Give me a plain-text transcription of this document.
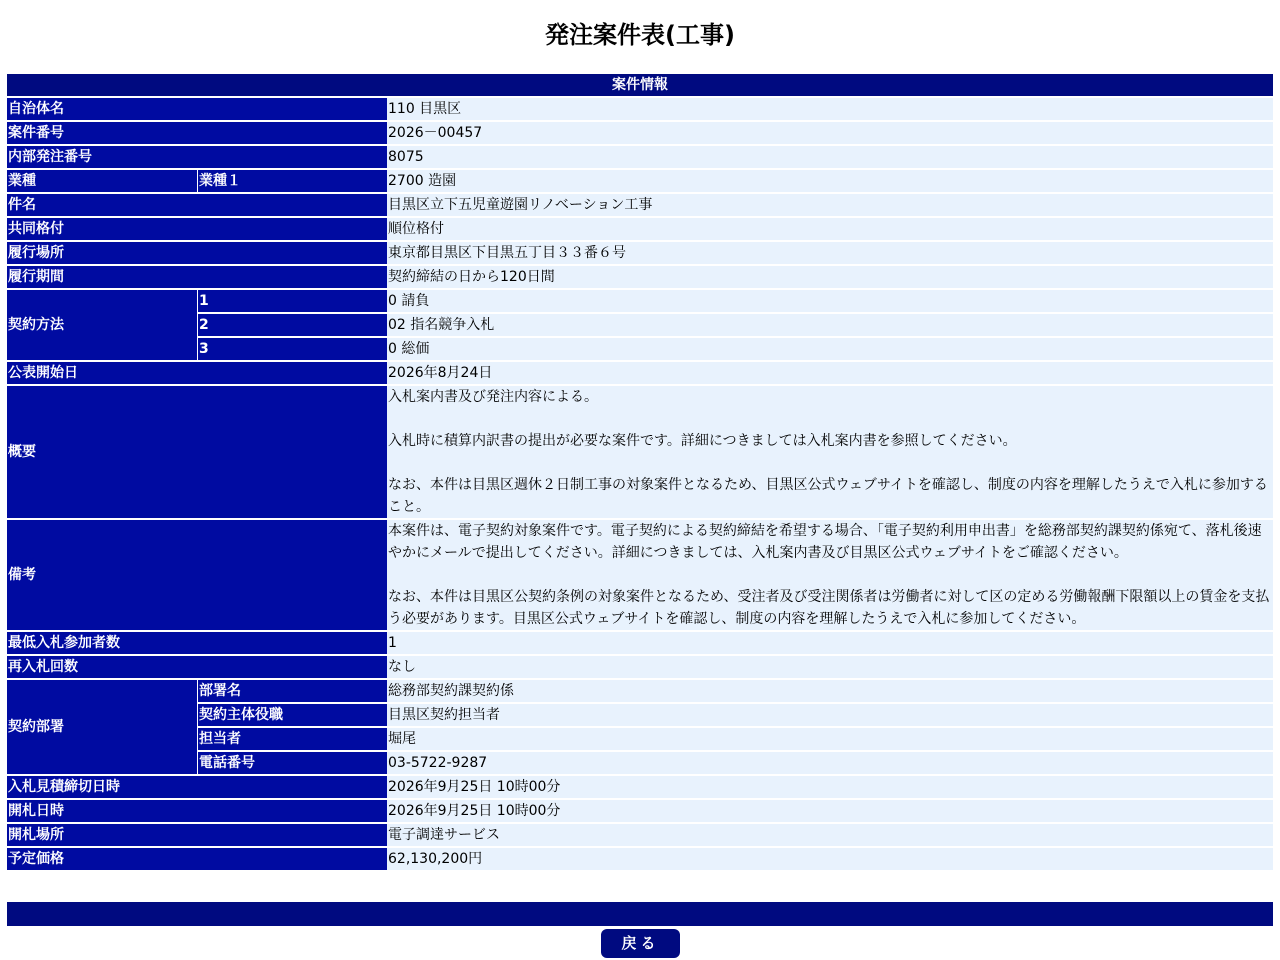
発注案件表(工事)
案件情報		
自治体名		110 目黒区
案件番号		2026－00457
内部発注番号		8075
業種	業種１	2700 造園
件名		目黒区立下五児童遊園リノベーション工事
共同格付		順位格付
履行場所		東京都目黒区下目黒五丁目３３番６号
履行期間		契約締結の日から120日間
契約方法	1	0 請負
	2	02 指名競争入札
	3	0 総価
公表開始日		2026年8月24日
概要		入札案内書及び発注内容による。
入札時に積算内訳書の提出が必要な案件です。詳細につきましては入札案内書を参照してください。
なお、本件は目黒区週休２日制工事の対象案件となるため、目黒区公式ウェブサイトを確認し、制度の内容を理解したうえで入札に参加すること。

備考		本案件は、電子契約対象案件です。電子契約による契約締結を希望する場合、「電子契約利用申出書」を総務部契約課契約係宛て、落札後速やかにメールで提出してください。詳細につきましては、入札案内書及び目黒区公式ウェブサイトをご確認ください。
なお、本件は目黒区公契約条例の対象案件となるため、受注者及び受注関係者は労働者に対して区の定める労働報酬下限額以上の賃金を支払う必要があります。目黒区公式ウェブサイトを確認し、制度の内容を理解したうえで入札に参加してください。

最低入札参加者数		1
再入札回数		なし
契約部署	部署名	総務部契約課契約係
	契約主体役職	目黒区契約担当者
	担当者	堀尾
	電話番号	03-5722-9287
入札見積締切日時		2026年9月25日 10時00分
開札日時		2026年9月25日 10時00分
開札場所		電子調達サービス
予定価格		62,130,200円
戻る
